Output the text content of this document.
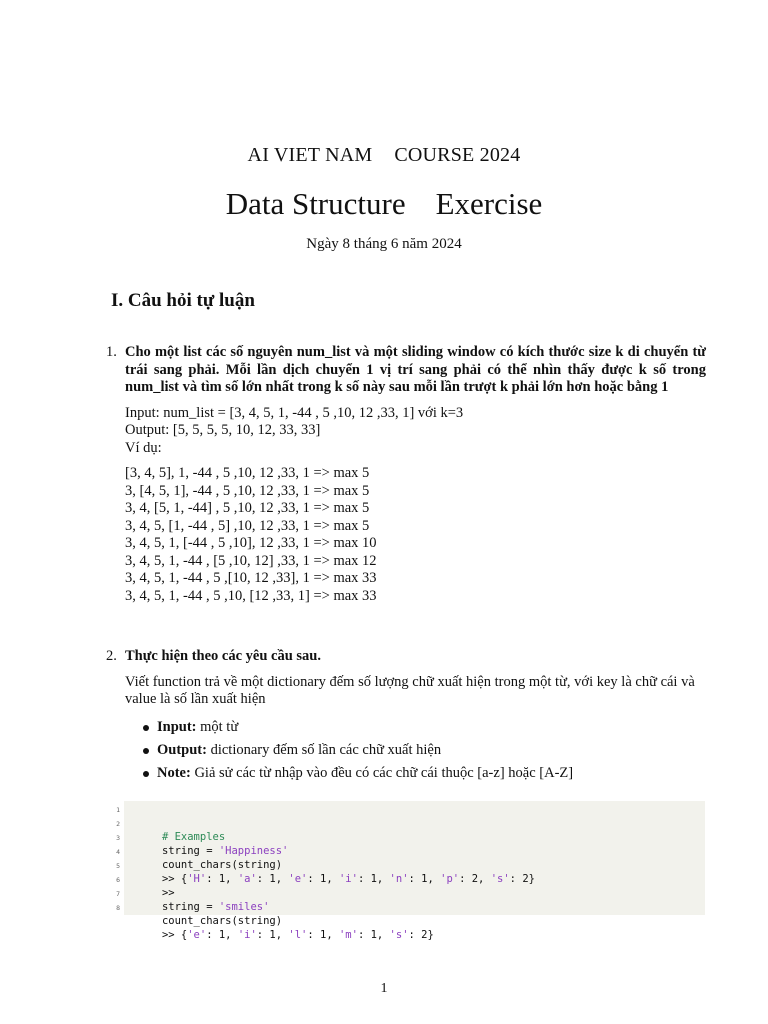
AI VIET NAM COURSE 2024
Data Structure Exercise
Ngày 8 tháng 6 năm 2024
I. Câu hỏi tự luận
1. Cho một list các số nguyên num_list và một sliding window có kích thước size k di chuyển từ trái sang phải. Mỗi lần dịch chuyển 1 vị trí sang phải có thể nhìn thấy được k số trong num_list và tìm số lớn nhất trong k số này sau mỗi lần trượt k phải lớn hơn hoặc bằng 1
Input: num_list = [3, 4, 5, 1, -44 , 5 ,10, 12 ,33, 1] với k=3
Output: [5, 5, 5, 5, 10, 12, 33, 33]
Ví dụ:
[3, 4, 5], 1, -44 , 5 ,10, 12 ,33, 1 => max 5
3, [4, 5, 1], -44 , 5 ,10, 12 ,33, 1 => max 5
3, 4, [5, 1, -44] , 5 ,10, 12 ,33, 1 => max 5
3, 4, 5, [1, -44 , 5] ,10, 12 ,33, 1 => max 5
3, 4, 5, 1, [-44 , 5 ,10], 12 ,33, 1 => max 10
3, 4, 5, 1, -44 , [5 ,10, 12] ,33, 1 => max 12
3, 4, 5, 1, -44 , 5 ,[10, 12 ,33], 1 => max 33
3, 4, 5, 1, -44 , 5 ,10, [12 ,33, 1] => max 33
2. Thực hiện theo các yêu cầu sau.
Viết function trả về một dictionary đếm số lượng chữ xuất hiện trong một từ, với key là chữ cái và value là số lần xuất hiện
Input: một từ
Output: dictionary đếm số lần các chữ xuất hiện
Note: Giả sử các từ nhập vào đều có các chữ cái thuộc [a-z] hoặc [A-Z]

1

# Examples

2

string = 'Happiness'

3

count_chars(string)

4

>> {'H': 1, 'a': 1, 'e': 1, 'i': 1, 'n': 1, 'p': 2, 's': 2}

5

>>

6

string = 'smiles'

7

count_chars(string)

8

>> {'e': 1, 'i': 1, 'l': 1, 'm': 1, 's': 2}

1
